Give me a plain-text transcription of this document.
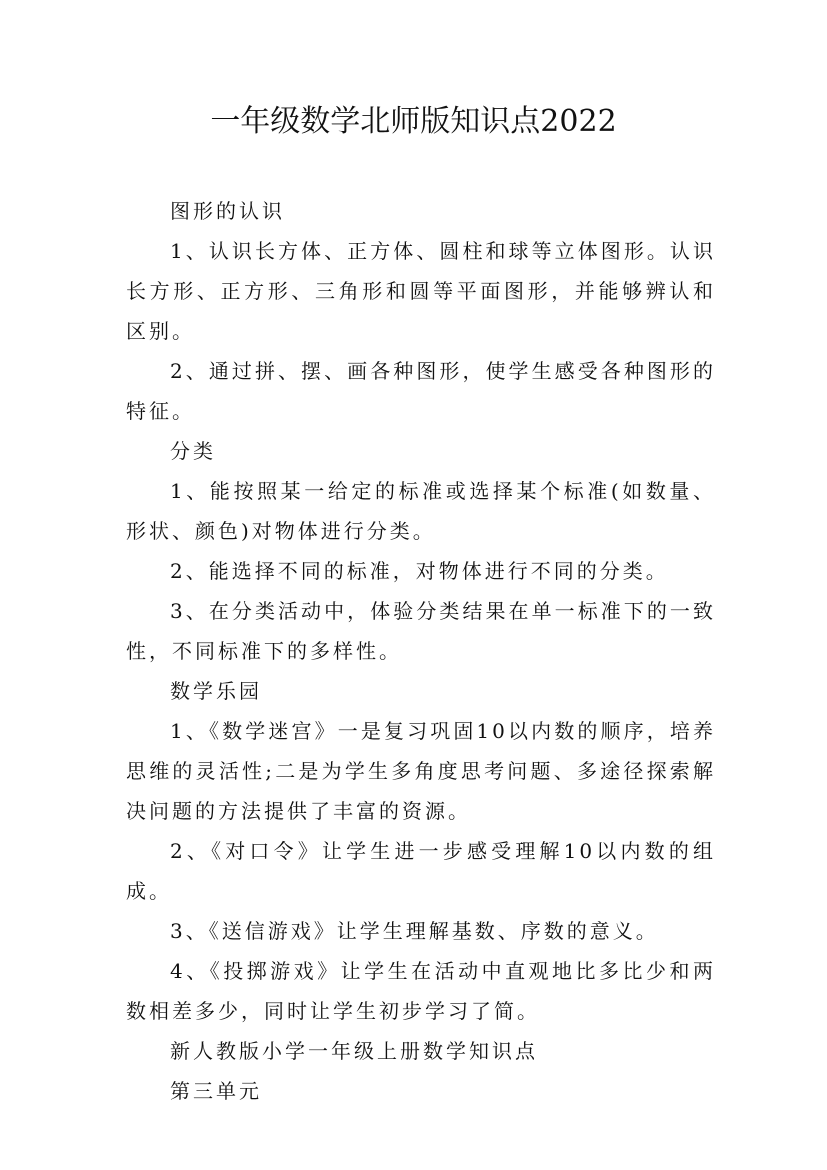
一年级数学北师版知识点2022

图形的认识

1、认识长方体、正方体、圆柱和球等立体图形。认识长方形、正方形、三角形和圆等平面图形，并能够辨认和区别。

2、通过拼、摆、画各种图形，使学生感受各种图形的特征。

分类

1、能按照某一给定的标准或选择某个标准(如数量、形状、颜色)对物体进行分类。

2、能选择不同的标准，对物体进行不同的分类。

3、在分类活动中，体验分类结果在单一标准下的一致性，不同标准下的多样性。

数学乐园

1、《数学迷宫》一是复习巩固10以内数的顺序，培养思维的灵活性;二是为学生多角度思考问题、多途径探索解决问题的方法提供了丰富的资源。

2、《对口令》让学生进一步感受理解10以内数的组成。

3、《送信游戏》让学生理解基数、序数的意义。

4、《投掷游戏》让学生在活动中直观地比多比少和两数相差多少，同时让学生初步学习了简。

新人教版小学一年级上册数学知识点

第三单元
